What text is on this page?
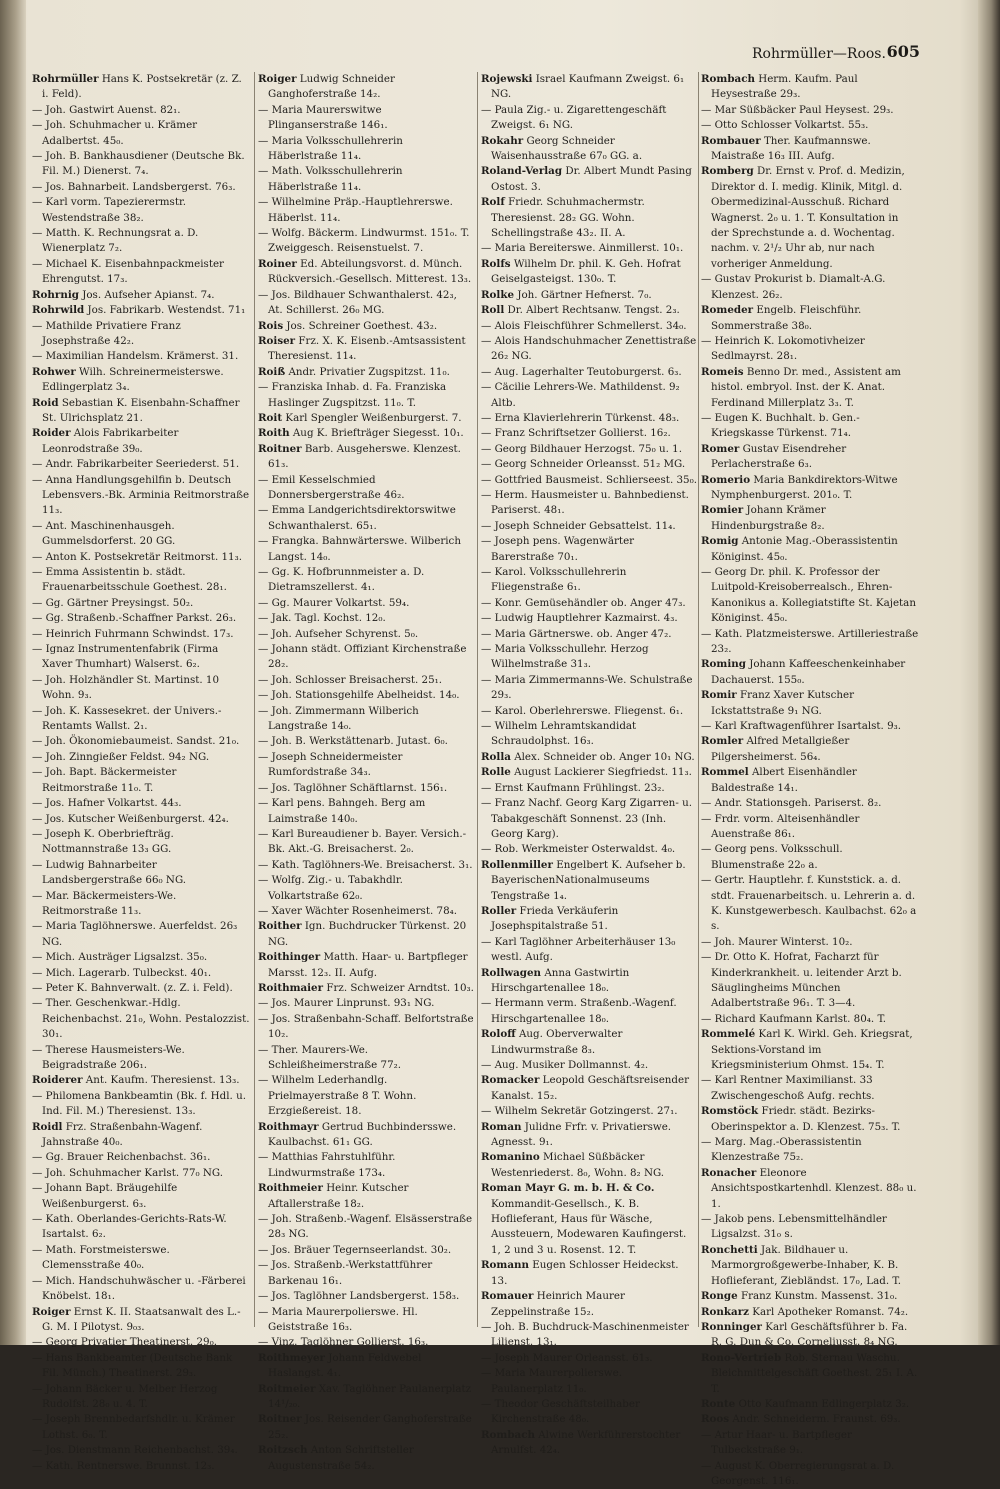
Rohrmüller—Roos. 605

Rohrmüller Hans K. Postsekretär (z. Z. i. Feld).

— Joh. Gastwirt Auenst. 82₁.

— Joh. Schuhmacher u. Krämer Adalbertst. 45₀.

— Joh. B. Bankhausdiener (Deutsche Bk. Fil. M.) Dienerst. 7₄.

— Jos. Bahnarbeit. Landsbergerst. 76₃.

— Karl vorm. Tapezierermstr. Westendstraße 38₂.

— Matth. K. Rechnungsrat a. D. Wienerplatz 7₂.

— Michael K. Eisenbahnpackmeister Ehrengutst. 17₃.

Rohrnig Jos. Aufseher Apianst. 7₄.

Rohrwild Jos. Fabrikarb. Westendst. 71₁

— Mathilde Privatiere Franz Josephstraße 42₂.

— Maximilian Handelsm. Krämerst. 31.

Rohwer Wilh. Schreinermeisterswe. Edlingerplatz 3₄.

Roid Sebastian K. Eisenbahn-Schaffner St. Ulrichsplatz 21.

Roider Alois Fabrikarbeiter Leonrodstraße 39₀.

— Andr. Fabrikarbeiter Seeriederst. 51.

— Anna Handlungsgehilfin b. Deutsch Lebensvers.-Bk. Arminia Reitmorstraße 11₃.

— Ant. Maschinenhausgeh. Gummelsdorferst. 20 GG.

— Anton K. Postsekretär Reitmorst. 11₃.

— Emma Assistentin b. städt. Frauenarbeitsschule Goethest. 28₁.

— Gg. Gärtner Preysingst. 50₂.

— Gg. Straßenb.-Schaffner Parkst. 26₃.

— Heinrich Fuhrmann Schwindst. 17₃.

— Ignaz Instrumentenfabrik (Firma Xaver Thumhart) Walserst. 6₂.

— Joh. Holzhändler St. Martinst. 10 Wohn. 9₃.

— Joh. K. Kassesekret. der Univers.-Rentamts Wallst. 2₁.

— Joh. Ökonomiebaumeist. Sandst. 21₀.

— Joh. Zinngießer Feldst. 94₂ NG.

— Joh. Bapt. Bäckermeister Reitmorstraße 11₀. T.

— Jos. Hafner Volkartst. 44₃.

— Jos. Kutscher Weißenburgerst. 42₄.

— Joseph K. Oberbriefträg. Nottmannstraße 13₃ GG.

— Ludwig Bahnarbeiter Landsbergerstraße 66₀ NG.

— Mar. Bäckermeisters-We. Reitmorstraße 11₃.

— Maria Taglöhnerswe. Auerfeldst. 26₃ NG.

— Mich. Austräger Ligsalzst. 35₀.

— Mich. Lagerarb. Tulbeckst. 40₁.

— Peter K. Bahnverwalt. (z. Z. i. Feld).

— Ther. Geschenkwar.-Hdlg. Reichenbachst. 21₀, Wohn. Pestalozzist. 30₁.

— Therese Hausmeisters-We. Beigradstraße 206₁.

Roiderer Ant. Kaufm. Theresienst. 13₃.

— Philomena Bankbeamtin (Bk. f. Hdl. u. Ind. Fil. M.) Theresienst. 13₃.

Roidl Frz. Straßenbahn-Wagenf. Jahnstraße 40₀.

— Gg. Brauer Reichenbachst. 36₁.

— Joh. Schuhmacher Karlst. 77₀ NG.

— Johann Bapt. Bräugehilfe Weißenburgerst. 6₃.

— Kath. Oberlandes-Gerichts-Rats-W. Isartalst. 6₂.

— Math. Forstmeisterswe. Clemensstraße 40₀.

— Mich. Handschuhwäscher u. -Färberei Knöbelst. 18₁.

Roiger Ernst K. II. Staatsanwalt des L.-G. M. I Pilotyst. 9₀₃.

— Georg Privatier Theatinerst. 29₀.

— Hans Bankbeamter (Deutsche Bank Fil. Münch.) Theatinerst. 29₃.

— Johann Bäcker u. Melber Herzog Rudolfst. 28₀ u. 4. T.

— Joseph Brennbedarfshdlr. u. Krämer Lothst. 6₀. T.

— Jos. Dienstmann Reichenbachst. 39₄.

— Kath. Rentnerswe. Brunnst. 12₃.

Roiger Ludwig Schneider Ganghoferstraße 14₂.

— Maria Maurerswitwe Plinganserstraße 146₁.

— Maria Volksschullehrerin Häberlstraße 11₄.

— Math. Volksschullehrerin Häberlstraße 11₄.

— Wilhelmine Präp.-Hauptlehrerswe. Häberlst. 11₄.

— Wolfg. Bäckerm. Lindwurmst. 151₀. T. Zweiggesch. Reisenstuelst. 7.

Roiner Ed. Abteilungsvorst. d. Münch. Rückversich.-Gesellsch. Mitterest. 13₃.

— Jos. Bildhauer Schwanthalerst. 42₃, At. Schillerst. 26₀ MG.

Rois Jos. Schreiner Goethest. 43₂.

Roiser Frz. X. K. Eisenb.-Amtsassistent Theresienst. 11₄.

Roiß Andr. Privatier Zugspitzst. 11₀.

— Franziska Inhab. d. Fa. Franziska Haslinger Zugspitzst. 11₀. T.

Roit Karl Spengler Weißenburgerst. 7.

Roith Aug K. Briefträger Siegesst. 10₁.

Roitner Barb. Ausgeherswe. Klenzest. 61₃.

— Emil Kesselschmied Donnersbergerstraße 46₂.

— Emma Landgerichtsdirektorswitwe Schwanthalerst. 65₁.

— Frangka. Bahnwärterswe. Wilberich Langst. 14₀.

— Gg. K. Hofbrunnmeister a. D. Dietramszellerst. 4₁.

— Gg. Maurer Volkartst. 59₄.

— Jak. Tagl. Kochst. 12₀.

— Joh. Aufseher Schyrenst. 5₀.

— Johann städt. Offiziant Kirchenstraße 28₂.

— Joh. Schlosser Breisacherst. 25₁.

— Joh. Stationsgehilfe Abelheidst. 14₀.

— Joh. Zimmermann Wilberich Langstraße 14₀.

— Joh. B. Werkstättenarb. Jutast. 6₀.

— Joseph Schneidermeister Rumfordstraße 34₃.

— Jos. Taglöhner Schäftlarnst. 156₁.

— Karl pens. Bahngeh. Berg am Laimstraße 140₀.

— Karl Bureaudiener b. Bayer. Versich.-Bk. Akt.-G. Breisacherst. 2₀.

— Kath. Taglöhners-We. Breisacherst. 3₁.

— Wolfg. Zig.- u. Tabakhdlr. Volkartstraße 62₀.

— Xaver Wächter Rosenheimerst. 78₄.

Roither Ign. Buchdrucker Türkenst. 20 NG.

Roithinger Matth. Haar- u. Bartpfleger Marsst. 12₃. II. Aufg.

Roithmaier Frz. Schweizer Arndtst. 10₃.

— Jos. Maurer Linprunst. 93₁ NG.

— Jos. Straßenbahn-Schaff. Belfortstraße 10₂.

— Ther. Maurers-We. Schleißheimerstraße 77₂.

— Wilhelm Lederhandlg. Prielmayerstraße 8 T. Wohn. Erzgießereist. 18.

Roithmayr Gertrud Buchbindersswe. Kaulbachst. 61₁ GG.

— Matthias Fahrstuhlführ. Lindwurmstraße 173₄.

Roithmeier Heinr. Kutscher Aftallerstraße 18₂.

— Joh. Straßenb.-Wagenf. Elsässerstraße 28₃ NG.

— Jos. Bräuer Tegernseerlandst. 30₂.

— Jos. Straßenb.-Werkstattführer Barkenau 16₁.

— Jos. Taglöhner Landsbergerst. 158₃.

— Maria Maurerpolierswe. Hl. Geiststraße 16₃.

— Vinz. Taglöhner Gollierst. 16₃.

Roithmeyer Johann Feldwebel Haslangst. 4₁.

Roitmeier Xav. Taglöhner Paulanerplatz 14¹/₂₀.

Roitner Jos. Reisender Ganghoferstraße 25₂.

Roitzsch Anton Schriftsteller Augustenstraße 54₂.

Rojewski Israel Kaufmann Zweigst. 6₁ NG.

— Paula Zig.- u. Zigarettengeschäft Zweigst. 6₁ NG.

Rokahr Georg Schneider Waisenhausstraße 67₀ GG. a.

Roland-Verlag Dr. Albert Mundt Pasing Ostost. 3.

Rolf Friedr. Schuhmachermstr. Theresienst. 28₂ GG. Wohn. Schellingstraße 43₂. II. A.

— Maria Bereiterswe. Ainmillerst. 10₁.

Rolfs Wilhelm Dr. phil. K. Geh. Hofrat Geiselgasteigst. 130₀. T.

Rolke Joh. Gärtner Hefnerst. 7₀.

Roll Dr. Albert Rechtsanw. Tengst. 2₃.

— Alois Fleischführer Schmellerst. 34₀.

— Alois Handschuhmacher Zenettistraße 26₂ NG.

— Aug. Lagerhalter Teutoburgerst. 6₃.

— Cäcilie Lehrers-We. Mathildenst. 9₂ Altb.

— Erna Klavierlehrerin Türkenst. 48₃.

— Franz Schriftsetzer Gollierst. 16₂.

— Georg Bildhauer Herzogst. 75₀ u. 1.

— Georg Schneider Orleansst. 51₂ MG.

— Gottfried Bausmeist. Schlierseest. 35₀.

— Herm. Hausmeister u. Bahnbedienst. Pariserst. 48₁.

— Joseph Schneider Gebsattelst. 11₄.

— Joseph pens. Wagenwärter Barerstraße 70₁.

— Karol. Volksschullehrerin Fliegenstraße 6₁.

— Konr. Gemüsehändler ob. Anger 47₃.

— Ludwig Hauptlehrer Kazmairst. 4₃.

— Maria Gärtnerswe. ob. Anger 47₂.

— Maria Volksschullehr. Herzog Wilhelmstraße 31₃.

— Maria Zimmermanns-We. Schulstraße 29₃.

— Karol. Oberlehrerswe. Fliegenst. 6₁.

— Wilhelm Lehramtskandidat Schraudolphst. 16₃.

Rolla Alex. Schneider ob. Anger 10₁ NG.

Rolle August Lackierer Siegfriedst. 11₃.

— Ernst Kaufmann Frühlingst. 23₂.

— Franz Nachf. Georg Karg Zigarren- u. Tabakgeschäft Sonnenst. 23 (Inh. Georg Karg).

— Rob. Werkmeister Osterwaldst. 4₀.

Rollenmiller Engelbert K. Aufseher b. BayerischenNationalmuseums Tengstraße 1₄.

Roller Frieda Verkäuferin Josephspitalstraße 51.

— Karl Taglöhner Arbeiterhäuser 13₀ westl. Aufg.

Rollwagen Anna Gastwirtin Hirschgartenallee 18₀.

— Hermann verm. Straßenb.-Wagenf. Hirschgartenallee 18₀.

Roloff Aug. Oberverwalter Lindwurmstraße 8₃.

— Aug. Musiker Dollmannst. 4₂.

Romacker Leopold Geschäftsreisender Kanalst. 15₂.

— Wilhelm Sekretär Gotzingerst. 27₁.

Roman Julidne Frfr. v. Privatierswe. Agnesst. 9₁.

Romanino Michael Süßbäcker Westenriederst. 8₀, Wohn. 8₂ NG.

Roman Mayr G. m. b. H. & Co. Kommandit-Gesellsch., K. B. Hoflieferant, Haus für Wäsche, Aussteuern, Modewaren Kaufingerst. 1, 2 und 3 u. Rosenst. 12. T.

Romann Eugen Schlosser Heideckst. 13.

Romauer Heinrich Maurer Zeppelinstraße 15₂.

— Joh. B. Buchdruck-Maschinenmeister Lilienst. 13₁.

— Joseph Maurer Orleansst. 61₃.

— Maria Maurerpolierswe. Paulanerplatz 11₀.

— Theodor Geschäftsteilhaber Kirchenstraße 48₀.

Rombach Alwine Werkführerstochter Arnulfst. 42₄.

Rombach Herm. Kaufm. Paul Heysestraße 29₃.

— Mar Süßbäcker Paul Heysest. 29₃.

— Otto Schlosser Volkartst. 55₃.

Rombauer Ther. Kaufmannswe. Maistraße 16₃ III. Aufg.

Romberg Dr. Ernst v. Prof. d. Medizin, Direktor d. I. medig. Klinik, Mitgl. d. Obermedizinal-Ausschuß. Richard Wagnerst. 2₀ u. 1. T. Konsultation in der Sprechstunde a. d. Wochentag. nachm. v. 2¹/₂ Uhr ab, nur nach vorheriger Anmeldung.

— Gustav Prokurist b. Diamalt-A.G. Klenzest. 26₂.

Romeder Engelb. Fleischführ. Sommerstraße 38₀.

— Heinrich K. Lokomotivheizer Sedlmayrst. 28₁.

Romeis Benno Dr. med., Assistent am histol. embryol. Inst. der K. Anat. Ferdinand Millerplatz 3₃. T.

— Eugen K. Buchhalt. b. Gen.-Kriegskasse Türkenst. 71₄.

Romer Gustav Eisendreher Perlacherstraße 6₃.

Romerio Maria Bankdirektors-Witwe Nymphenburgerst. 201₀. T.

Romier Johann Krämer Hindenburgstraße 8₂.

Romig Antonie Mag.-Oberassistentin Königinst. 45₀.

— Georg Dr. phil. K. Professor der Luitpold-Kreisoberrealsch., Ehren-Kanonikus a. Kollegiatstifte St. Kajetan Königinst. 45₀.

— Kath. Platzmeisterswe. Artilleriestraße 23₂.

Roming Johann Kaffeeschenkeinhaber Dachauerst. 155₀.

Romir Franz Xaver Kutscher Ickstattstraße 9₁ NG.

— Karl Kraftwagenführer Isartalst. 9₃.

Romler Alfred Metallgießer Pilgersheimerst. 56₄.

Rommel Albert Eisenhändler Baldestraße 14₁.

— Andr. Stationsgeh. Pariserst. 8₂.

— Frdr. vorm. Alteisenhändler Auenstraße 86₁.

— Georg pens. Volksschull. Blumenstraße 22₀ a.

— Gertr. Hauptlehr. f. Kunststick. a. d. stdt. Frauenarbeitsch. u. Lehrerin a. d. K. Kunstgewerbesch. Kaulbachst. 62₀ a s.

— Joh. Maurer Winterst. 10₂.

— Dr. Otto K. Hofrat, Facharzt für Kinderkrankheit. u. leitender Arzt b. Säuglingheims München Adalbertstraße 96₁. T. 3—4.

— Richard Kaufmann Karlst. 80₄. T.

Rommelé Karl K. Wirkl. Geh. Kriegsrat, Sektions-Vorstand im Kriegsministerium Ohmst. 15₄. T.

— Karl Rentner Maximilianst. 33 Zwischengeschoß Aufg. rechts.

Romstöck Friedr. städt. Bezirks-Oberinspektor a. D. Klenzest. 75₃. T.

— Marg. Mag.-Oberassistentin Klenzestraße 75₂.

Ronacher Eleonore Ansichtspostkartenhdl. Klenzest. 88₀ u. 1.

— Jakob pens. Lebensmittelhändler Ligsalzst. 31₀ s.

Ronchetti Jak. Bildhauer u. Marmorgroßgewerbe-Inhaber, K. B. Hoflieferant, Ziebländst. 17₀, Lad. T.

Ronge Franz Kunstm. Massenst. 31₀.

Ronkarz Karl Apotheker Romanst. 74₂.

Ronninger Karl Geschäftsführer b. Fa. R. G. Dun & Co. Corneliusst. 8₄ NG.

Rono-Vertrieb Rob. Sternau Waschu. Bleichmittelgeschäft Goethest. 25₁ I. A. T.

Ronte Otto Kaufmann Edlingerplatz 3₂.

Roos Andr. Schneiderm. Fraunst. 69₃.

— Artur Haar- u. Bartpfleger Tulbeckstraße 9₁.

— August K. Oberregierungsrat a. D. Georgenst. 116₁.
